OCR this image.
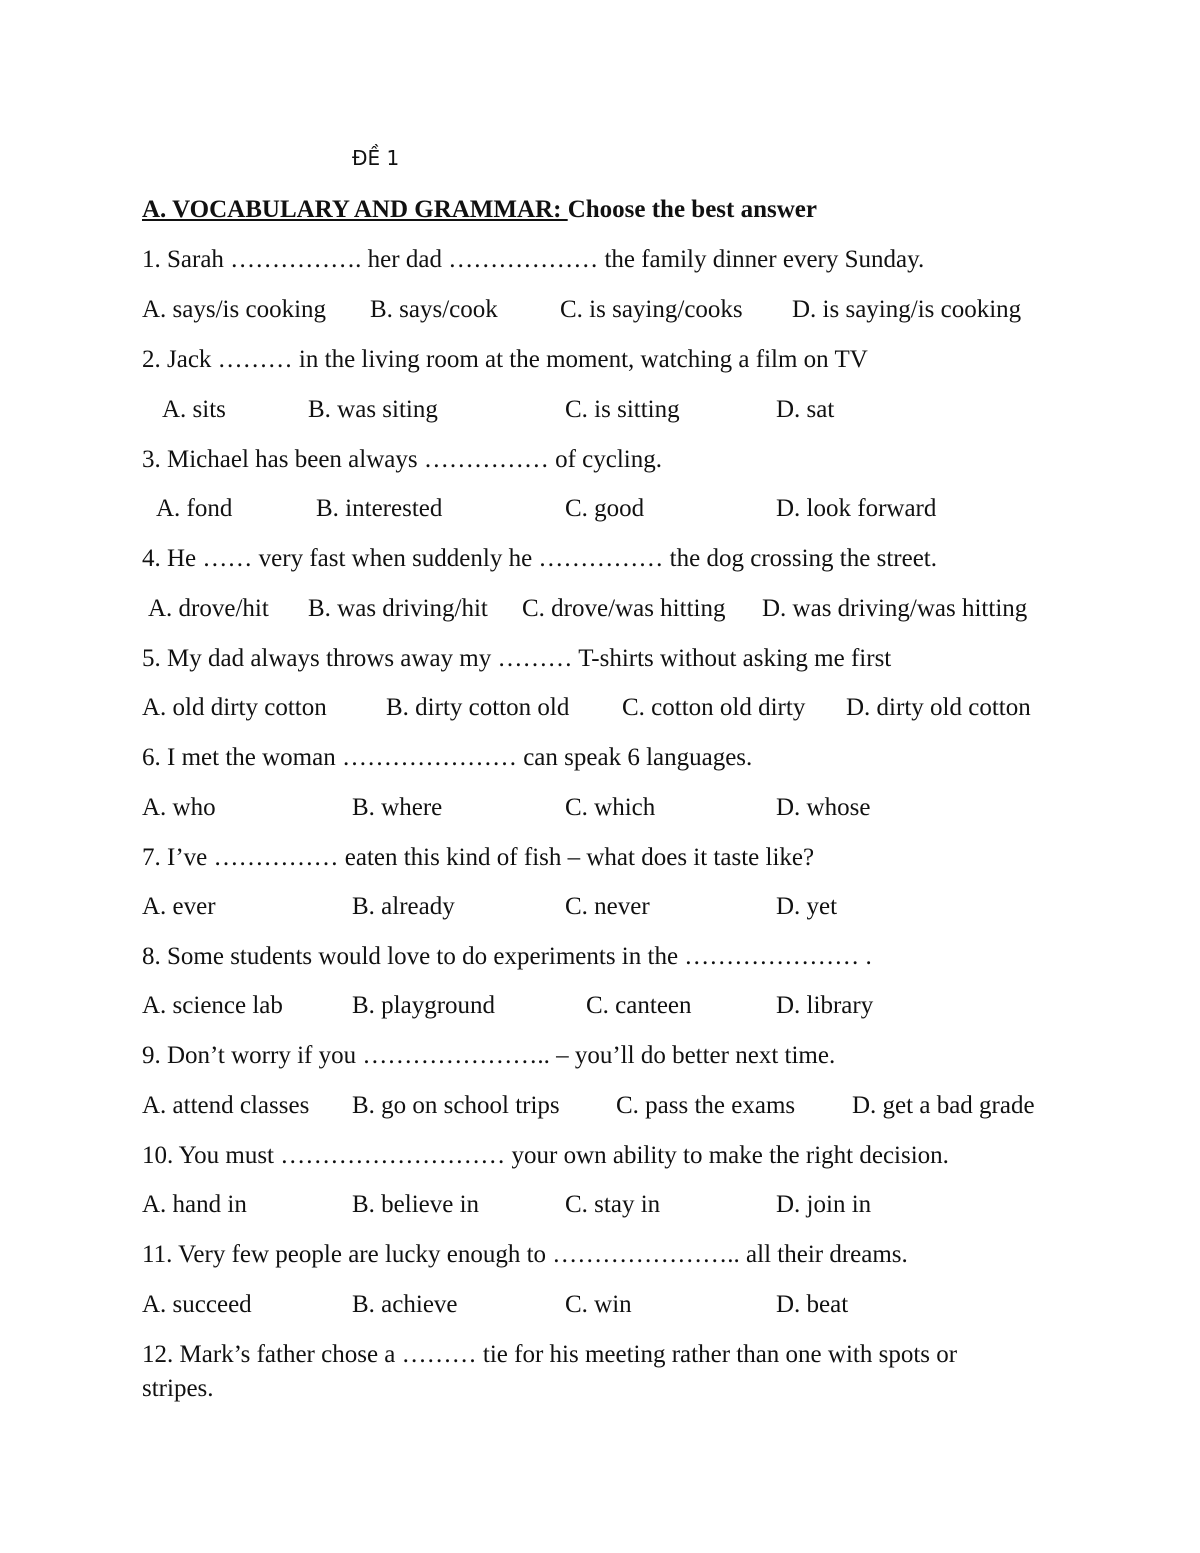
ĐỀ 1
A. VOCABULARY AND GRAMMAR: Choose the best answer
1. Sarah ……………. her dad ……………… the family dinner every Sunday.
A. says/is cooking B. says/cook C. is saying/cooks D. is saying/is cooking
2. Jack ……… in the living room at the moment, watching a film on TV
A. sits	B. was siting	C. is sitting	D. sat
3. Michael has been always …………… of cycling.
A. fond	B. interested	C. good	D. look forward
4. He …… very fast when suddenly he …………… the dog crossing the street.
A. drove/hit B. was driving/hit C. drove/was hitting D. was driving/was hitting
5. My dad always throws away my ……… T-shirts without asking me first
A. old dirty cotton B. dirty cotton old C. cotton old dirty D. dirty old cotton
6. I met the woman ………………… can speak 6 languages.
A. who	B. where	C. which	D. whose
7. I’ve …………… eaten this kind of fish – what does it taste like?
A. ever	B. already	C. never	D. yet
8. Some students would love to do experiments in the ………………… .
A. science lab	B. playground	C. canteen	D. library
9. Don’t worry if you ………………….. – you’ll do better next time.
A. attend classes B. go on school trips C. pass the exams D. get a bad grade
10. You must ……………………… your own ability to make the right decision.
A. hand in	B. believe in	C. stay in	D. join in
11. Very few people are lucky enough to ………………….. all their dreams.
A. succeed	B. achieve	C. win	D. beat
12. Mark’s father chose a ……… tie for his meeting rather than one with spots or
stripes.
